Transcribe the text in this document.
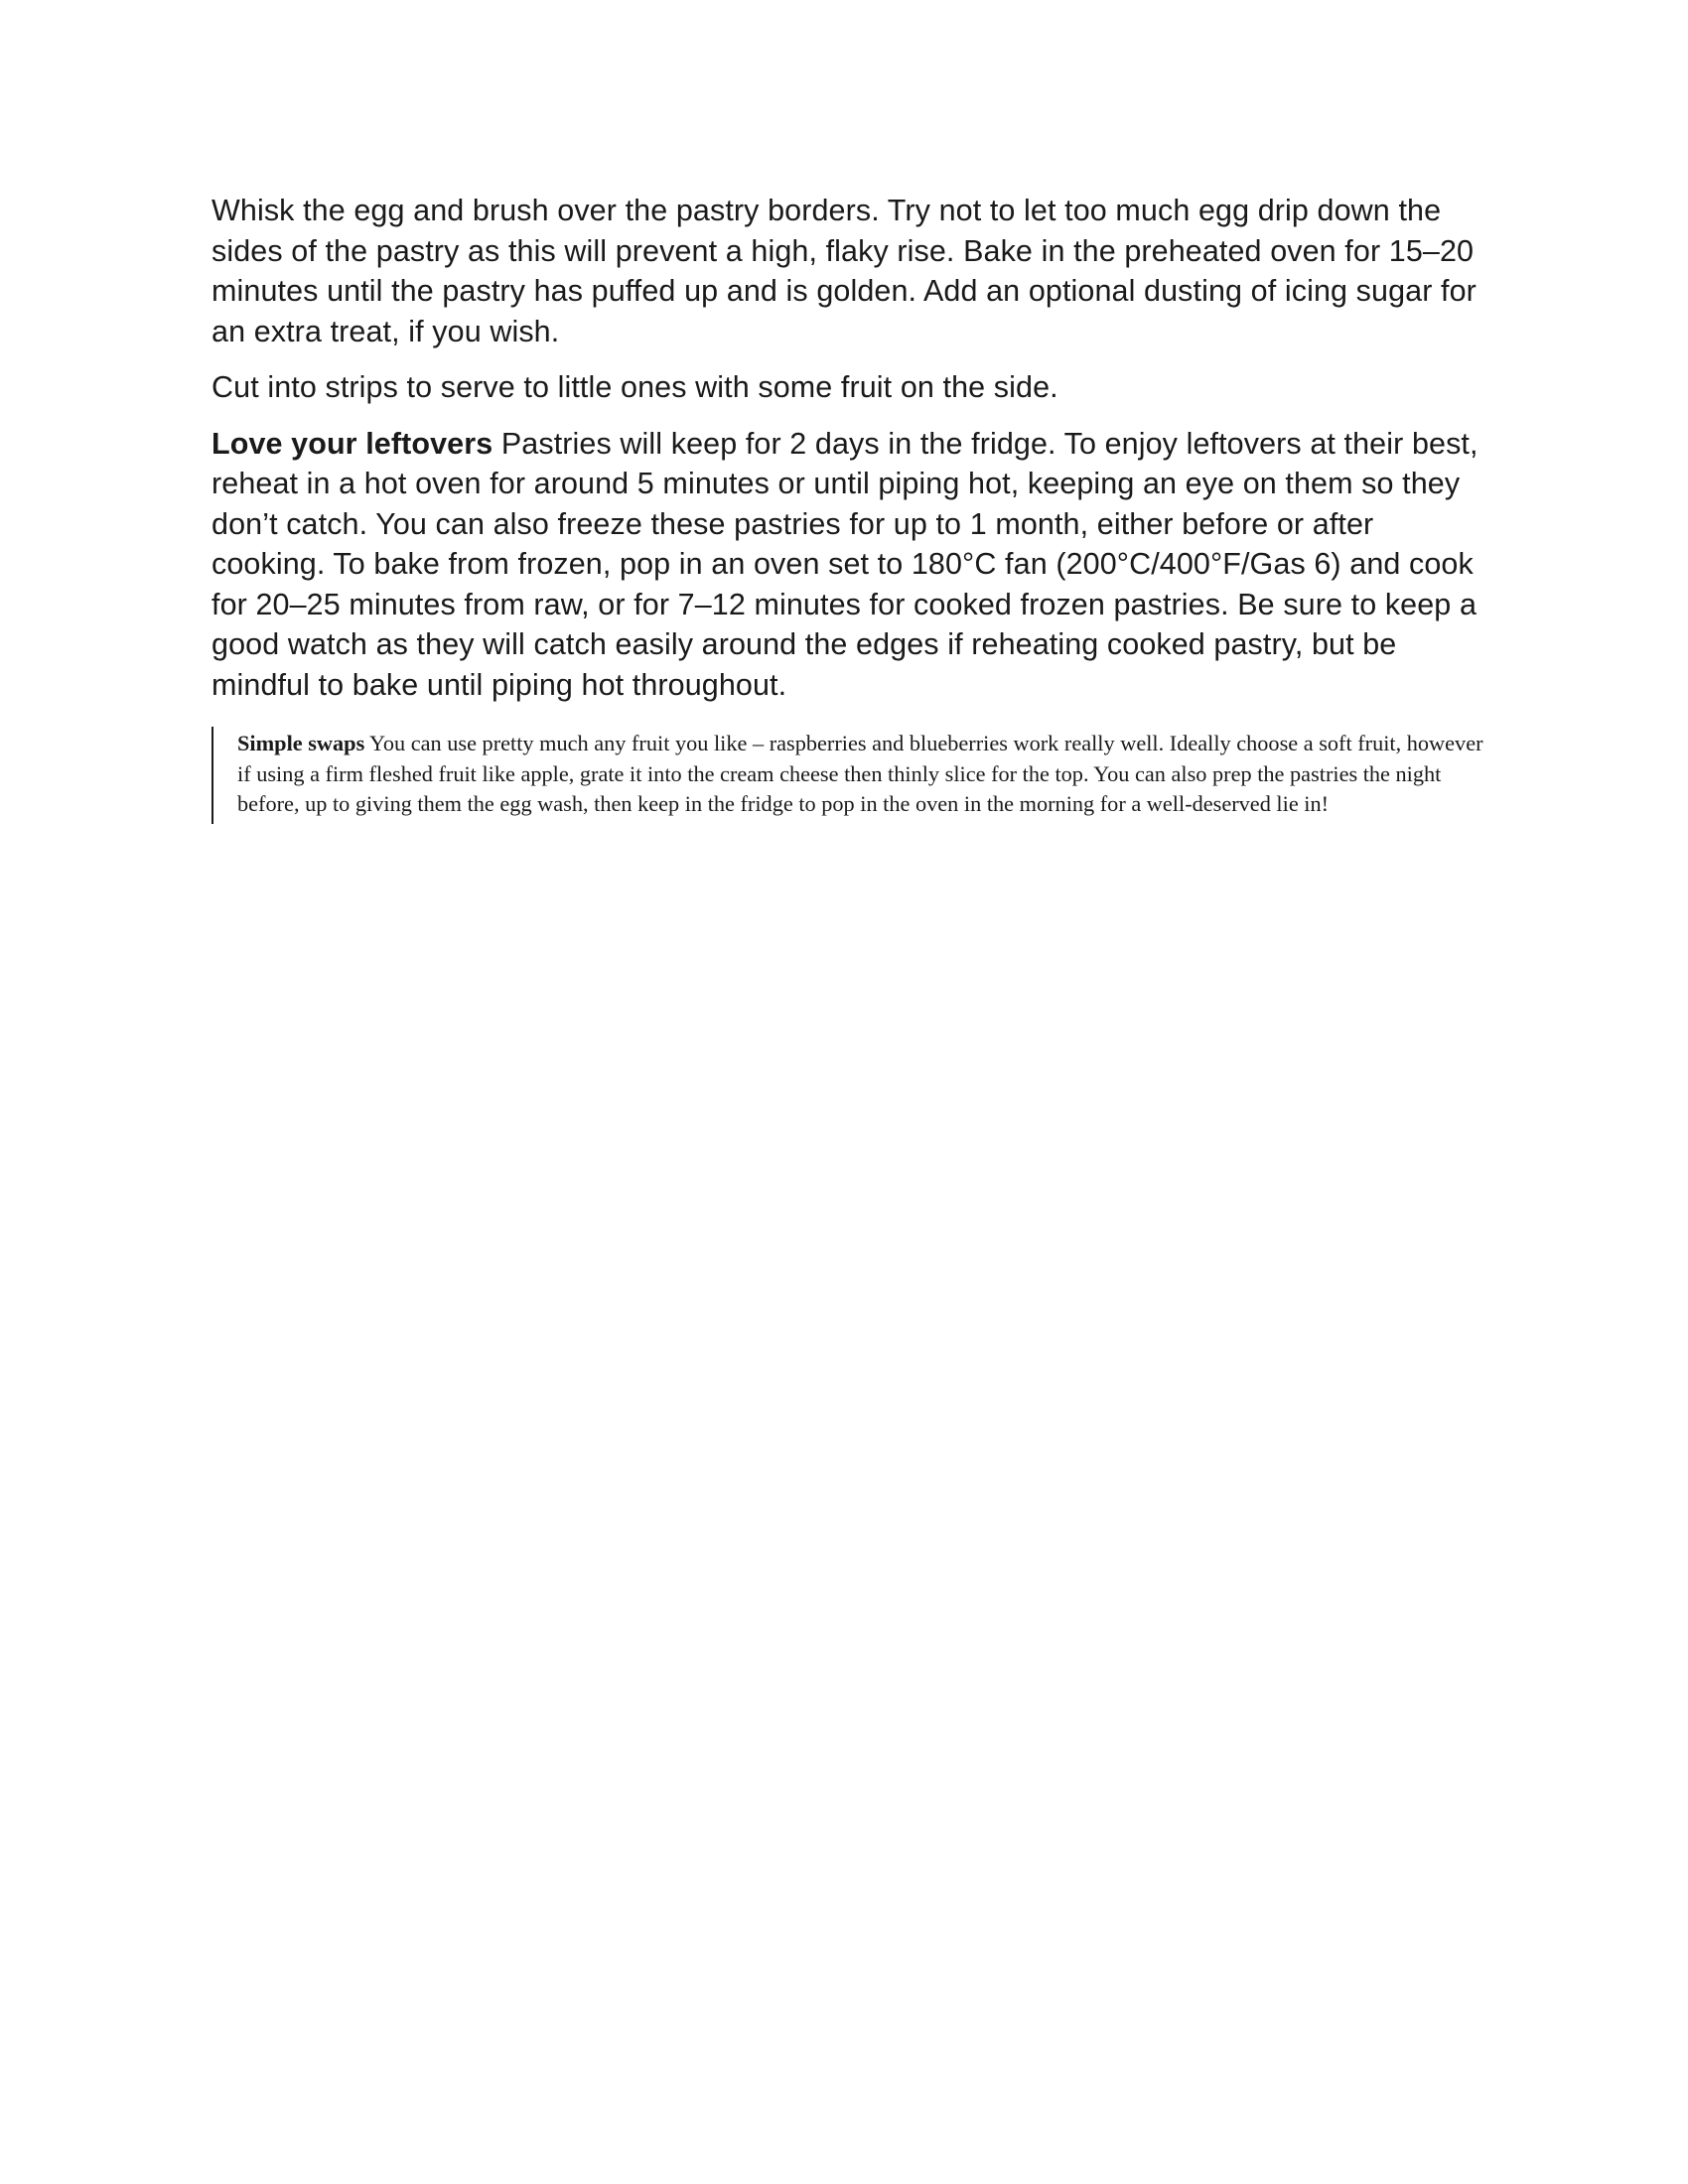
Whisk the egg and brush over the pastry borders. Try not to let too much egg drip down the sides of the pastry as this will prevent a high, flaky rise. Bake in the preheated oven for 15–20 minutes until the pastry has puffed up and is golden. Add an optional dusting of icing sugar for an extra treat, if you wish.

Cut into strips to serve to little ones with some fruit on the side.

Love your leftovers Pastries will keep for 2 days in the fridge. To enjoy leftovers at their best, reheat in a hot oven for around 5 minutes or until piping hot, keeping an eye on them so they don’t catch. You can also freeze these pastries for up to 1 month, either before or after cooking. To bake from frozen, pop in an oven set to 180°C fan (200°C/400°F/Gas 6) and cook for 20–25 minutes from raw, or for 7–12 minutes for cooked frozen pastries. Be sure to keep a good watch as they will catch easily around the edges if reheating cooked pastry, but be mindful to bake until piping hot throughout.

Simple swaps You can use pretty much any fruit you like – raspberries and blueberries work really well. Ideally choose a soft fruit, however if using a firm fleshed fruit like apple, grate it into the cream cheese then thinly slice for the top. You can also prep the pastries the night before, up to giving them the egg wash, then keep in the fridge to pop in the oven in the morning for a well-deserved lie in!
